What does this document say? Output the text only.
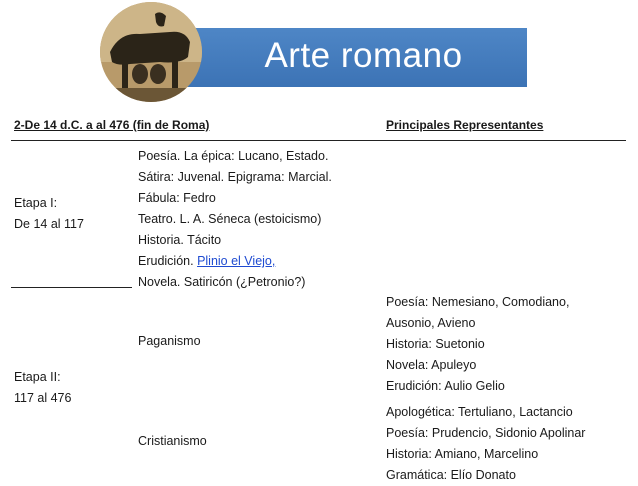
Arte romano
2-De 14 d.C. a al 476 (fin de Roma)	Principales Representantes
Etapa I:
De 14 al 117
Poesía. La épica: Lucano, Estado.
Sátira: Juvenal. Epigrama: Marcial.
Fábula: Fedro
Teatro. L. A. Séneca (estoicismo)
Historia. Tácito
Erudición. Plinio el Viejo,
Novela. Satiricón (¿Petronio?)
Etapa II:
117 al 476
Paganismo
Poesía: Nemesiano, Comodiano,
Ausonio, Avieno
Historia: Suetonio
Novela: Apuleyo
Erudición: Aulio Gelio
Cristianismo
Apologética: Tertuliano, Lactancio
Poesía: Prudencio, Sidonio Apolinar
Historia: Amiano, Marcelino
Gramática: Elío Donato
